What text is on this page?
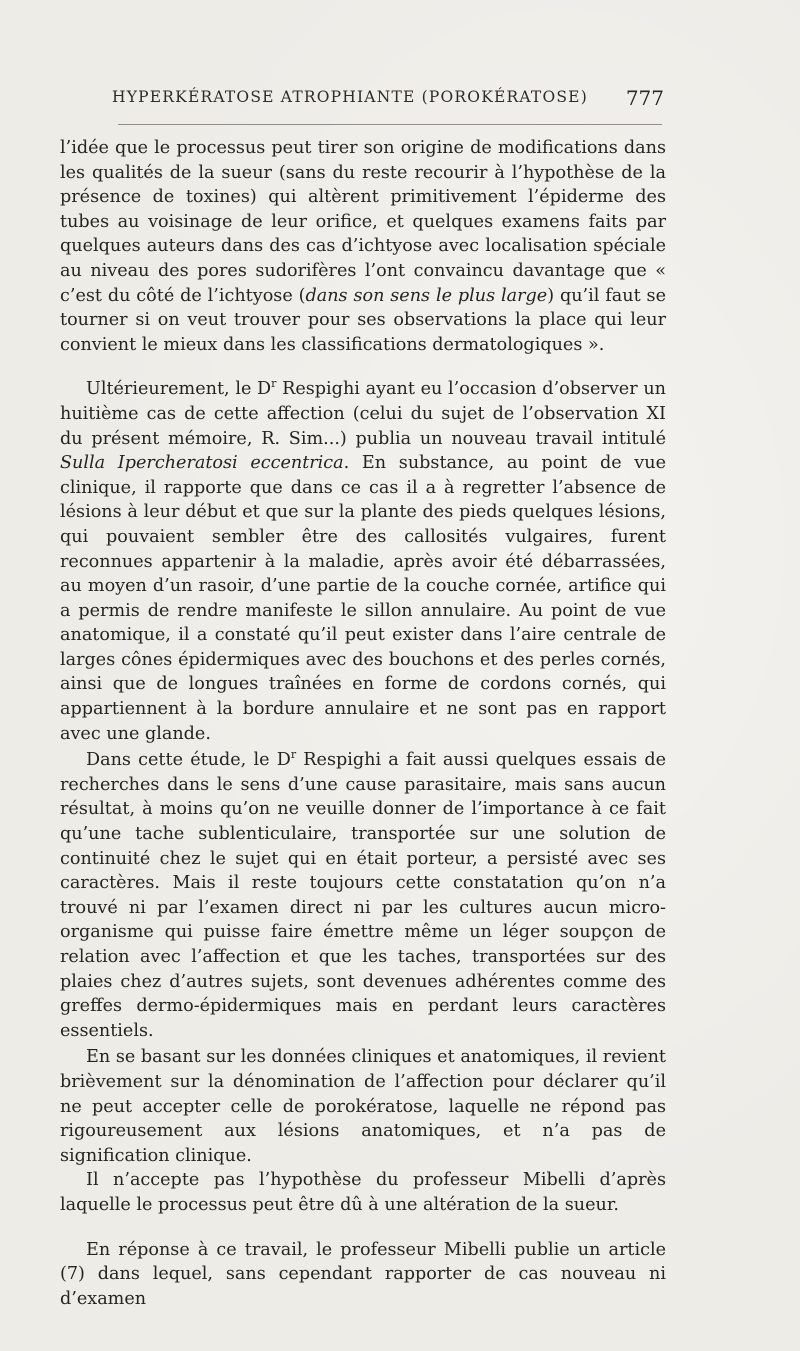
HYPERKÉRATOSE ATROPHIANTE (POROKÉRATOSE) 777

l’idée que le processus peut tirer son origine de modifications dans les qualités de la sueur (sans du reste recourir à l’hypothèse de la présence de toxines) qui altèrent primitivement l’épiderme des tubes au voisinage de leur orifice, et quelques examens faits par quelques auteurs dans des cas d’ichtyose avec localisation spéciale au niveau des pores sudorifères l’ont convaincu davantage que « c’est du côté de l’ichtyose (dans son sens le plus large) qu’il faut se tourner si on veut trouver pour ses observations la place qui leur convient le mieux dans les classifications dermatologiques ».

Ultérieurement, le $D^r$ Respighi ayant eu l’occasion d’observer un huitième cas de cette affection (celui du sujet de l’observation XI du présent mémoire, R. Sim...) publia un nouveau travail intitulé Sulla Ipercheratosi eccentrica. En substance, au point de vue clinique, il rapporte que dans ce cas il a à regretter l’absence de lésions à leur début et que sur la plante des pieds quelques lésions, qui pouvaient sembler être des callosités vulgaires, furent reconnues appartenir à la maladie, après avoir été débarrassées, au moyen d’un rasoir, d’une partie de la couche cornée, artifice qui a permis de rendre manifeste le sillon annulaire. Au point de vue anatomique, il a constaté qu’il peut exister dans l’aire centrale de larges cônes épidermiques avec des bouchons et des perles cornés, ainsi que de longues traînées en forme de cordons cornés, qui appartiennent à la bordure annulaire et ne sont pas en rapport avec une glande.

Dans cette étude, le $D^r$ Respighi a fait aussi quelques essais de recherches dans le sens d’une cause parasitaire, mais sans aucun résultat, à moins qu’on ne veuille donner de l’importance à ce fait qu’une tache sublenticulaire, transportée sur une solution de continuité chez le sujet qui en était porteur, a persisté avec ses caractères. Mais il reste toujours cette constatation qu’on n’a trouvé ni par l’examen direct ni par les cultures aucun micro-organisme qui puisse faire émettre même un léger soupçon de relation avec l’affection et que les taches, transportées sur des plaies chez d’autres sujets, sont devenues adhérentes comme des greffes dermo-épidermiques mais en perdant leurs caractères essentiels.

En se basant sur les données cliniques et anatomiques, il revient brièvement sur la dénomination de l’affection pour déclarer qu’il ne peut accepter celle de porokératose, laquelle ne répond pas rigoureusement aux lésions anatomiques, et n’a pas de signification clinique.

Il n’accepte pas l’hypothèse du professeur Mibelli d’après laquelle le processus peut être dû à une altération de la sueur.

En réponse à ce travail, le professeur Mibelli publie un article (7) dans lequel, sans cependant rapporter de cas nouveau ni d’examen
